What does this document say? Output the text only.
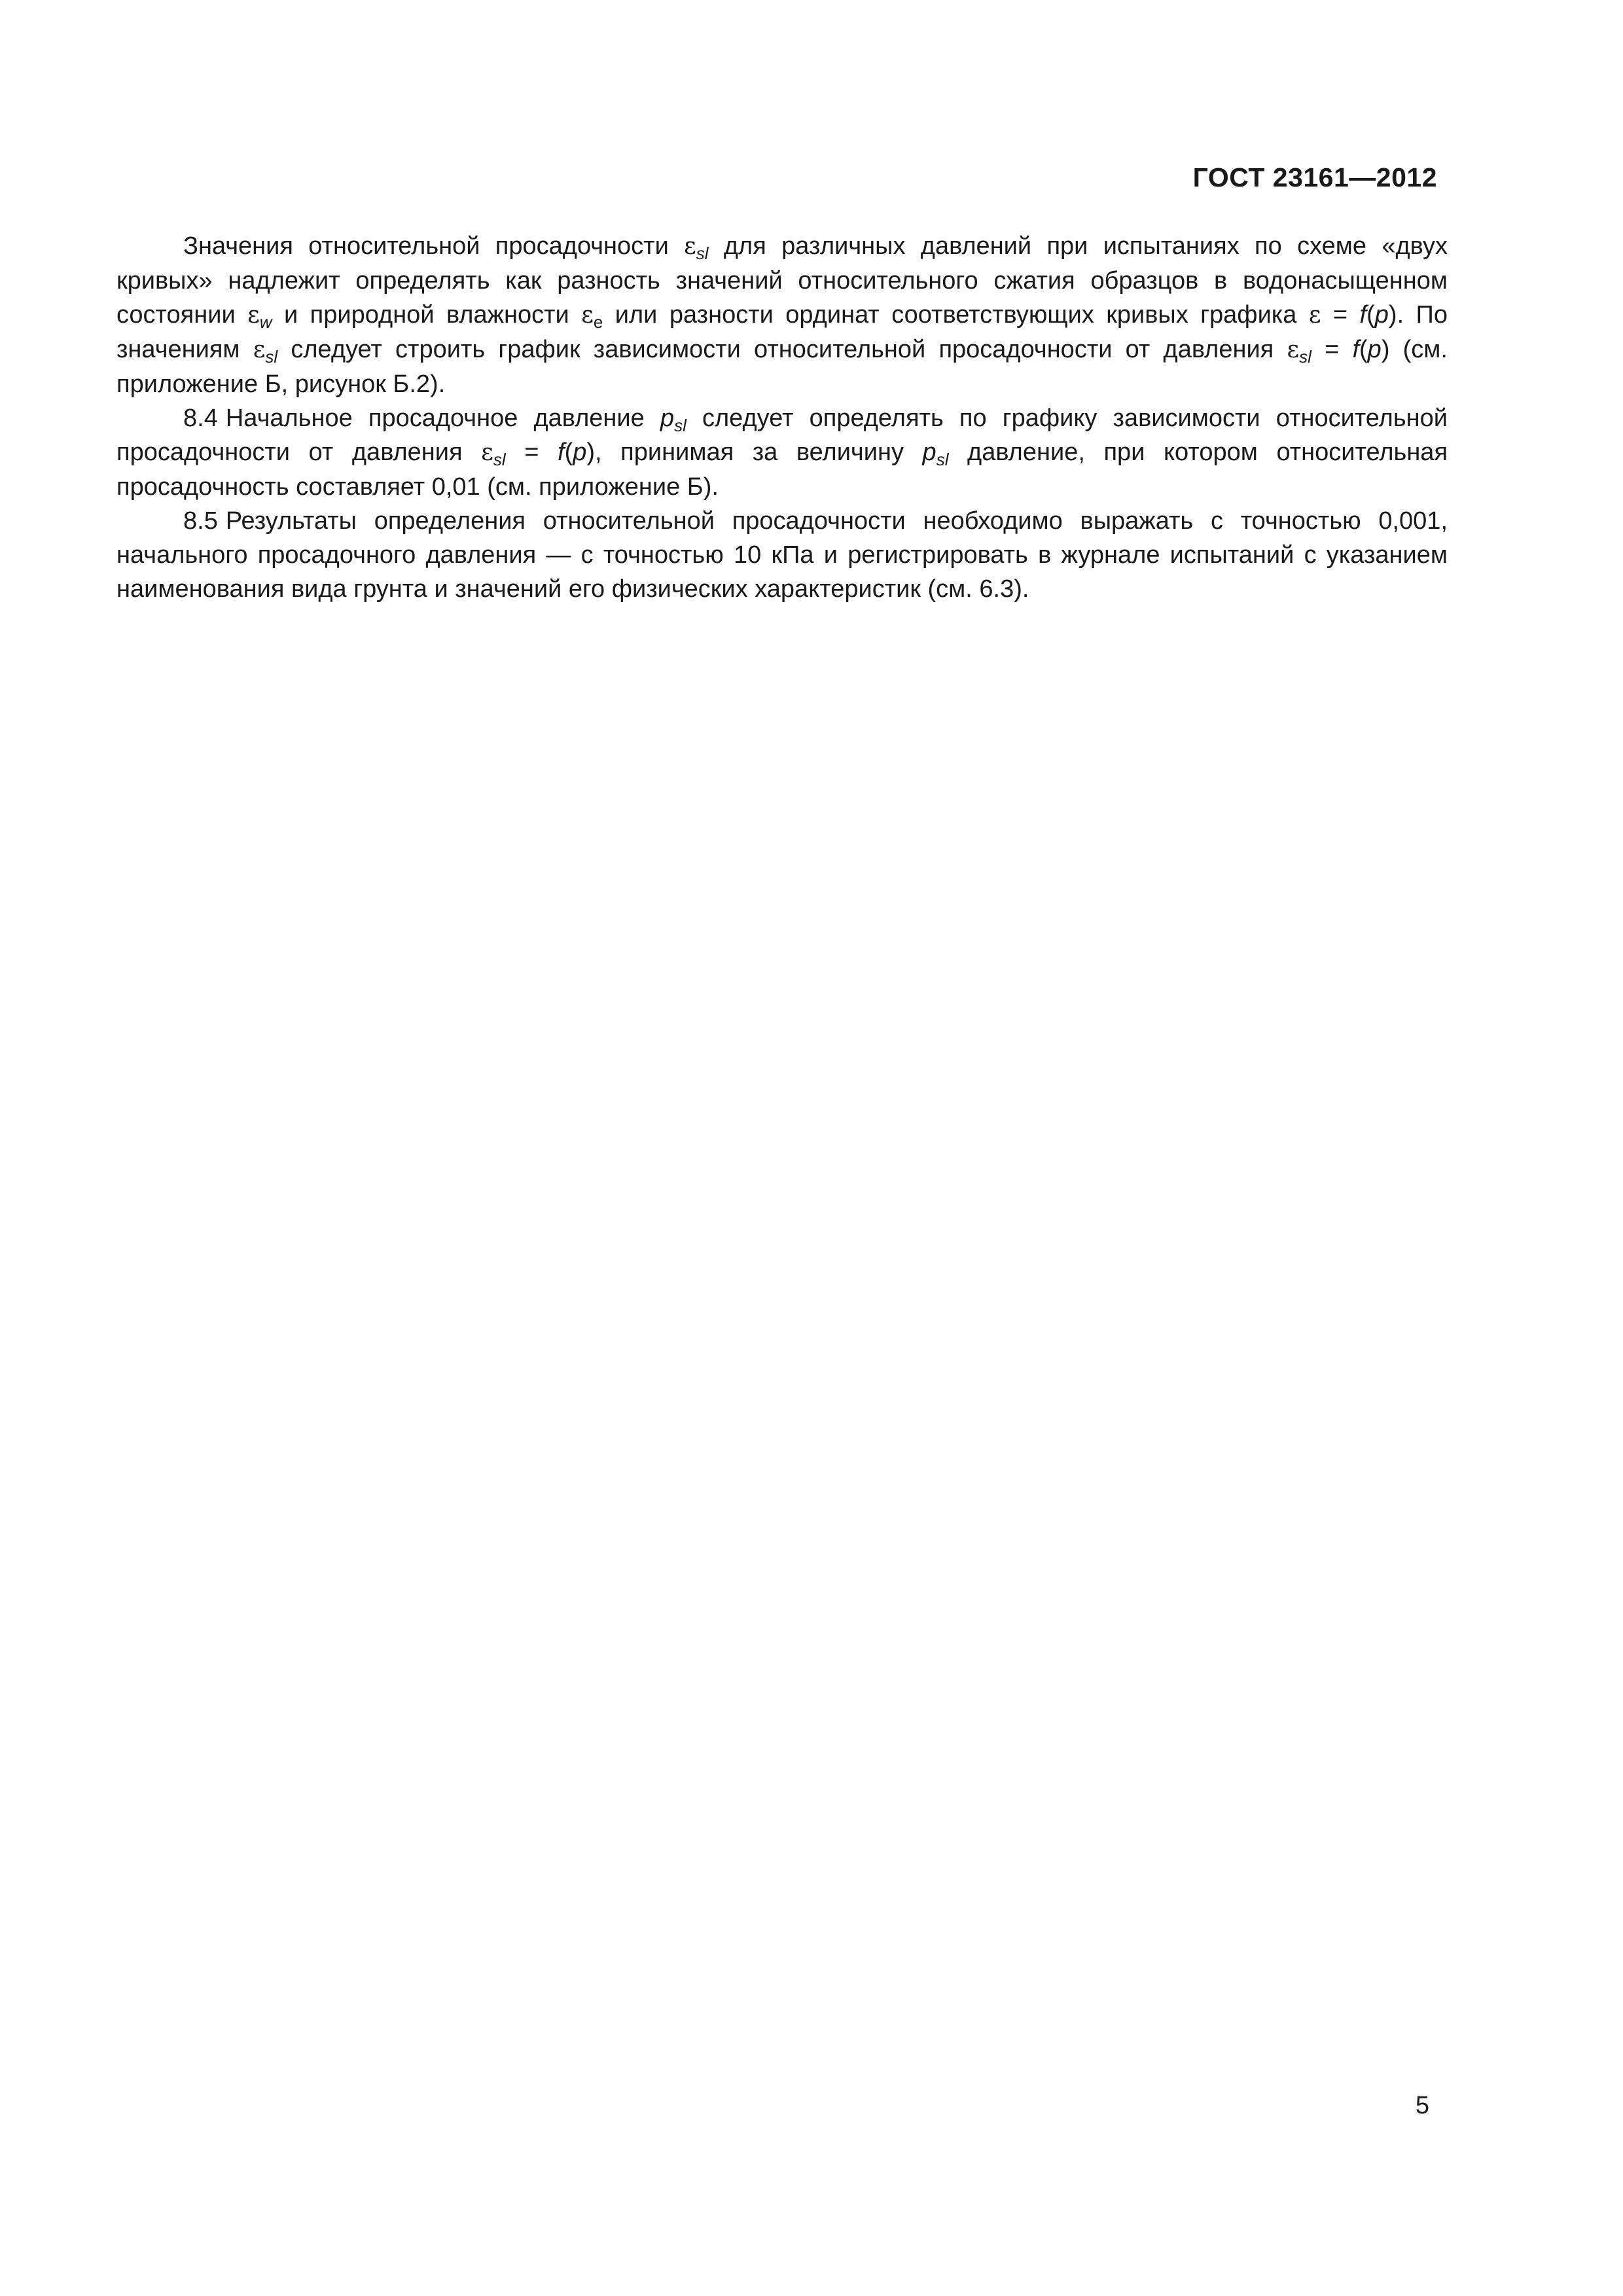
ГОСТ 23161—2012

Значения относительной просадочности $\varepsilon_{sl}$ для различных давлений при испытаниях по схеме «двух кривых» надлежит определять как разность значений относительного сжатия образцов в водонасыщенном состоянии $\varepsilon_w$ и природной влажности $\varepsilon_e$ или разности ординат соответствующих кривых графика ε = f(p). По значениям $\varepsilon_{sl}$ следует строить график зависимости относительной просадочности от давления $\varepsilon_{sl} = f(p)$ (см. приложение Б, рисунок Б.2).

8.4 Начальное просадочное давление $p_{sl}$ следует определять по графику зависимости относительной просадочности от давления $\varepsilon_{sl} = f(p)$, принимая за величину $p_{sl}$ давление, при котором относительная просадочность составляет 0,01 (см. приложение Б).

8.5 Результаты определения относительной просадочности необходимо выражать с точностью 0,001, начального просадочного давления — с точностью 10 кПа и регистрировать в журнале испытаний с указанием наименования вида грунта и значений его физических характеристик (см. 6.3).

5
